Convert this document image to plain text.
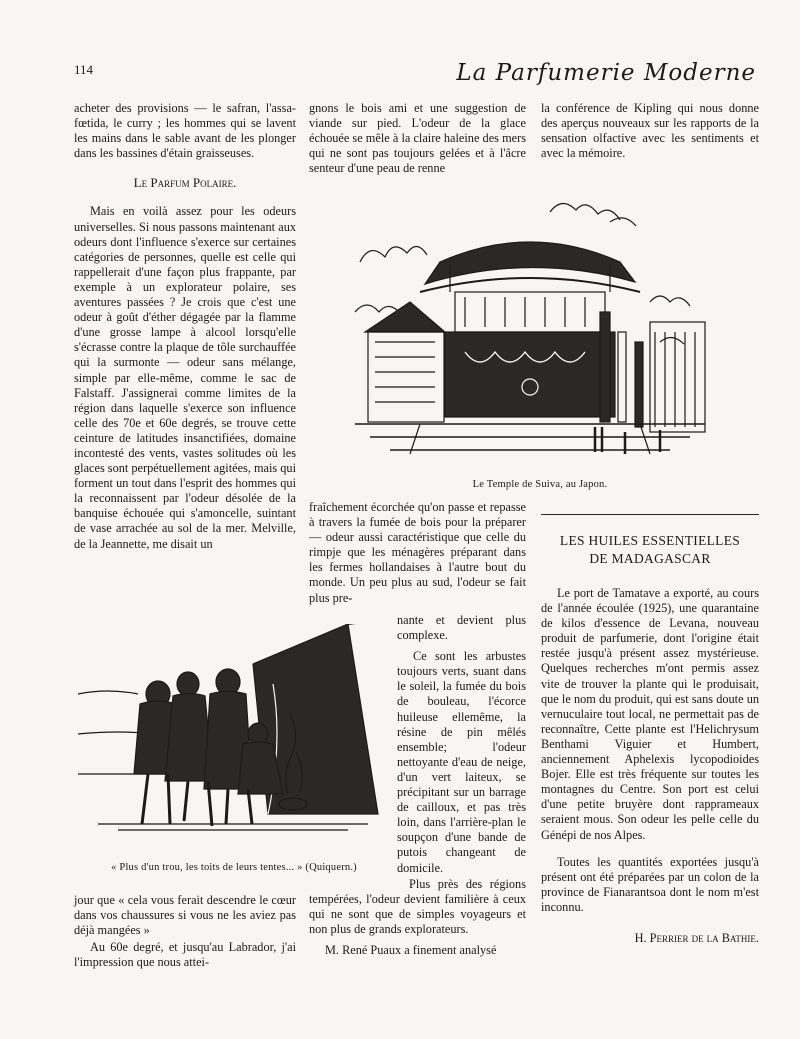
114	La Parfumerie Moderne

acheter des provisions — le safran, l'assa-fœtida, le curry ; les hommes qui se lavent les mains dans le sable avant de les plonger dans les bassines d'étain graisseuses.

Le Parfum Polaire.

Mais en voilà assez pour les odeurs universelles. Si nous passons maintenant aux odeurs dont l'influence s'exerce sur certaines catégories de personnes, quelle est celle qui rappellerait d'une façon plus frappante, par exemple à un explorateur polaire, ses aventures passées ? Je crois que c'est une odeur à goût d'éther dégagée par la flamme d'une grosse lampe à alcool lorsqu'elle s'écrasse contre la plaque de tôle surchauffée qui la surmonte — odeur sans mélange, simple par elle-même, comme le sac de Falstaff. J'assignerai comme limites de la région dans laquelle s'exerce son influence celle des 70e et 60e degrés, se trouve cette ceinture de latitudes insanctifiées, domaine incontesté des vents, vastes solitudes où les glaces sont perpétuellement agitées, mais qui forment un tout dans l'esprit des hommes qui la reconnaissent par l'odeur désolée de la banquise échouée qui s'amoncelle, suintant de vase arrachée au sol de la mer. Melville, de la Jeannette, me disait un

gnons le bois ami et une suggestion de viande sur pied. L'odeur de la glace échouée se mêle à la claire haleine des mers qui ne sont pas toujours gelées et à l'âcre senteur d'une peau de renne

la conférence de Kipling qui nous donne des aperçus nouveaux sur les rapports de la sensation olfactive avec les sentiments et avec la mémoire.

Le Temple de Suiva, au Japon.

fraîchement écorchée qu'on passe et repasse à travers la fumée de bois pour la préparer — odeur aussi caractéristique que celle du rimpje que les ménagères préparant dans les fermes hollandaises à l'autre bout du monde. Un peu plus au sud, l'odeur se fait plus pre-

nante et devient plus complexe.

Ce sont les arbustes toujours verts, suant dans le soleil, la fumée du bois de bouleau, l'écorce huileuse ellemême, la résine de pin mêlés ensemble; l'odeur nettoyante d'eau de neige, d'un vert laiteux, se précipitant sur un barrage de cailloux, et pas très loin, dans l'arrière-plan le soupçon d'une bande de putois changeant de domicile.

Plus près des régions tempérées, l'odeur devient familière à ceux qui ne sont que de simples voyageurs et non plus de grands explorateurs.

M. René Puaux a finement analysé

« Plus d'un trou, les toits de leurs tentes... » (Quiquern.)

jour que « cela vous ferait descendre le cœur dans vos chaussures si vous ne les aviez pas déjà mangées »

Au 60e degré, et jusqu'au Labrador, j'ai l'impression que nous attei-

LES HUILES ESSENTIELLES
DE MADAGASCAR

Le port de Tamatave a exporté, au cours de l'année écoulée (1925), une quarantaine de kilos d'essence de Levana, nouveau produit de parfumerie, dont l'origine était restée jusqu'à présent assez mystérieuse. Quelques recherches m'ont permis assez vite de trouver la plante qui le produisait, que le nom du produit, qui est sans doute un vernuculaire tout local, ne permettait pas de reconnaître, Cette plante est l'Helichrysum Benthami Viguier et Humbert, anciennement Aphelexis lycopodioides Bojer. Elle est très fréquente sur toutes les montagnes du Centre. Son port est celui d'une petite bruyère dont rapprameaux seraient mous. Son odeur les pelle celle du Génépi de nos Alpes.

Toutes les quantités exportées jusqu'à présent ont été préparées par un colon de la province de Fianarantsoa dont le nom m'est inconnu.

H. Perrier de la Bathie.
